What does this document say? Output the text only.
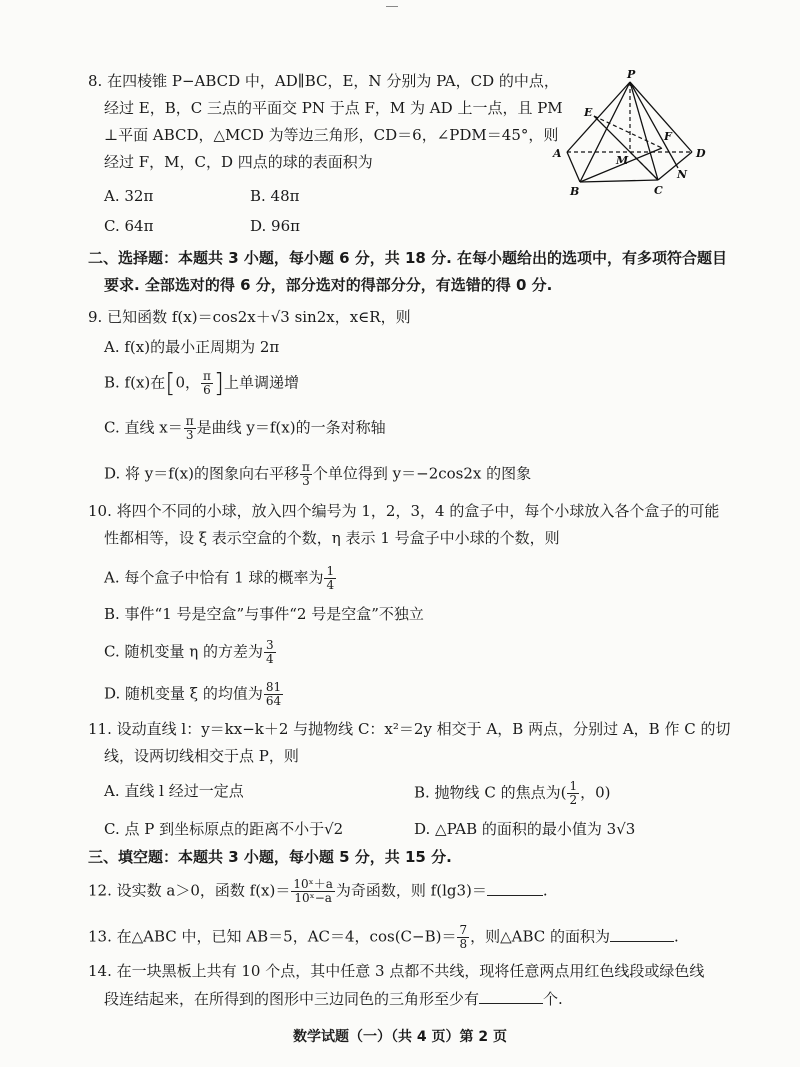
8. 在四棱锥 P−ABCD 中，AD∥BC，E，N 分别为 PA，CD 的中点，
经过 E，B，C 三点的平面交 PN 于点 F，M 为 AD 上一点，且 PM
⊥平面 ABCD，△MCD 为等边三角形，CD＝6，∠PDM＝45°，则
经过 F，M，C，D 四点的球的表面积为
A. 32π	B. 48π
C. 64π	D. 96π
P
E
F
A
M
D
B	C
N
二、选择题：本题共 3 小题，每小题 6 分，共 18 分. 在每小题给出的选项中，有多项符合题目
要求. 全部选对的得 6 分，部分选对的得部分分，有选错的得 0 分.
9. 已知函数 f(x)＝cos2x＋√3 sin2x，x∈R，则
A. f(x)的最小正周期为 2π
B. f(x)在[0， $\frac{\pi}{6}$ ]上单调递增
C. 直线 $x= \frac{\pi}{3}$ 是曲线 y＝f(x)的一条对称轴
D. 将 y＝f(x)的图象向右平移 $\frac{\pi}{3}$ 个单位得到 y＝−2cos2x 的图象
10. 将四个不同的小球，放入四个编号为 1，2，3，4 的盒子中，每个小球放入各个盒子的可能
性都相等，设 ξ 表示空盒的个数，η 表示 1 号盒子中小球的个数，则
A. 每个盒子中恰有 1 球的概率为 $\frac{1}{4}$
B. 事件“1 号是空盒”与事件“2 号是空盒”不独立
C. 随机变量 η 的方差为 $\frac{3}{4}$
D. 随机变量 ξ 的均值为 $\frac{81}{64}$
11. 设动直线 l：y＝kx−k＋2 与抛物线 C：x²＝2y 相交于 A，B 两点，分别过 A，B 作 C 的切
线，设两切线相交于点 P，则
A. 直线 l 经过一定点	B. 抛物线 C 的焦点为( $\frac{1}{2}$ ，0)
C. 点 P 到坐标原点的距离不小于√2	D. △PAB 的面积的最小值为 3√3
三、填空题：本题共 3 小题，每小题 5 分，共 15 分.
12. 设实数 a＞0，函数 $f(x)= \frac{\text{10ˣ＋a}}{\text{10ˣ−a}}$ 为奇函数，则 f(lg3)＝	.
13. 在△ABC 中，已知 AB＝5，AC＝4，$\cos(C-B)= \frac{7}{8}$ ，则△ABC 的面积为	.
14. 在一块黑板上共有 10 个点，其中任意 3 点都不共线，现将任意两点用红色线段或绿色线
段连结起来，在所得到的图形中三边同色的三角形至少有	个.
数学试题（一）（共 4 页）第 2 页
